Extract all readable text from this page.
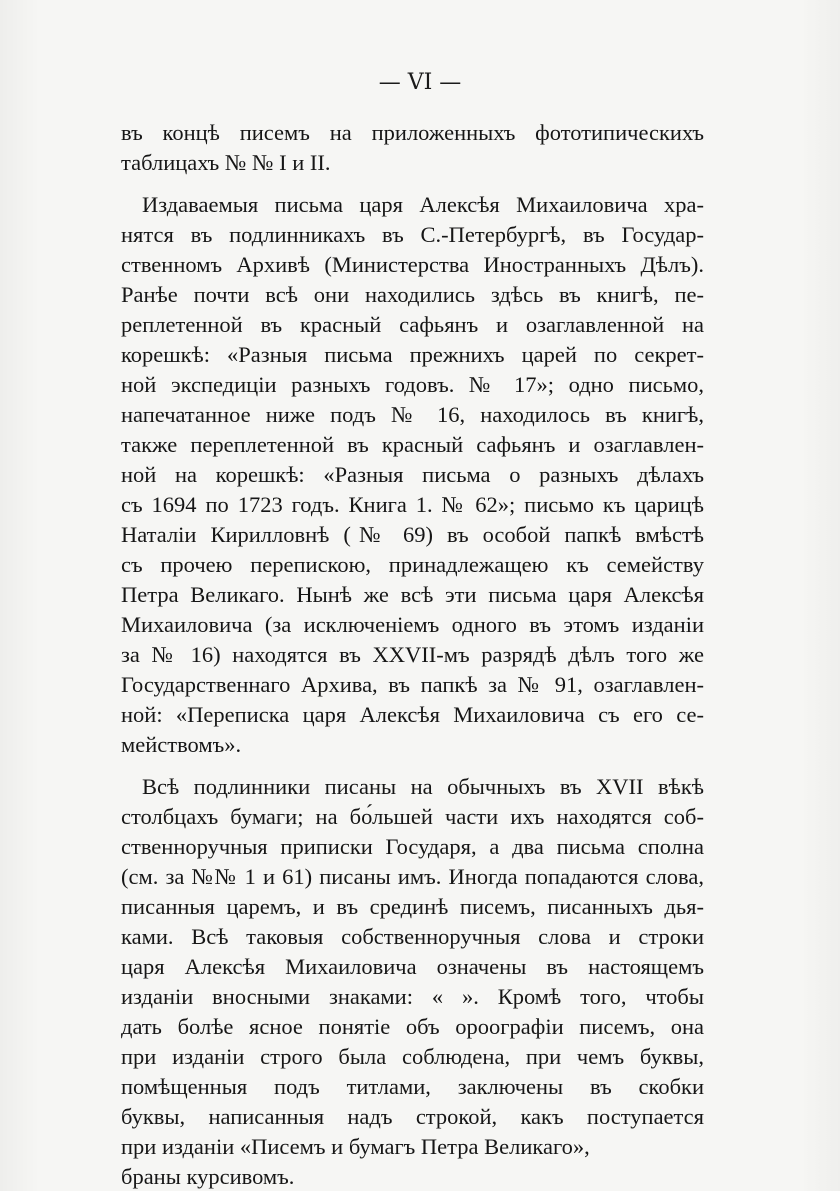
— VI —
въ концѣ писемъ на приложенныхъ фототипическихъ
таблицахъ № № I и II.
Издаваемыя письма царя Алексѣя Михаиловича хра-
нятся въ подлинникахъ въ С.-Петербургѣ, въ Государ-
ственномъ Архивѣ (Министерства Иностранныхъ Дѣлъ).
Ранѣе почти всѣ они находились здѣсь въ книгѣ, пе-
реплетенной въ красный сафьянъ и озаглавленной на
корешкѣ: «Разныя письма прежнихъ царей по секрет-
ной экспедиціи разныхъ годовъ. № 17»; одно письмо,
напечатанное ниже подъ № 16, находилось въ книгѣ,
также переплетенной въ красный сафьянъ и озаглавлен-
ной на корешкѣ: «Разныя письма о разныхъ дѣлахъ
съ 1694 по 1723 годъ. Книга 1. № 62»; письмо къ царицѣ
Наталіи Кирилловнѣ (№ 69) въ особой папкѣ вмѣстѣ
съ прочею перепискою, принадлежащею къ семейству
Петра Великаго. Нынѣ же всѣ эти письма царя Алексѣя
Михаиловича (за исключеніемъ одного въ этомъ изданіи
за № 16) находятся въ XXVII-мъ разрядѣ дѣлъ того же
Государственнаго Архива, въ папкѣ за № 91, озаглавлен-
ной: «Переписка царя Алексѣя Михаиловича съ его се-
мействомъ».
Всѣ подлинники писаны на обычныхъ въ XVII вѣкѣ
столбцахъ бумаги; на бо́льшей части ихъ находятся соб-
ственноручныя приписки Государя, а два письма сполна
(см. за №№ 1 и 61) писаны имъ. Иногда попадаются слова,
писанныя царемъ, и въ срединѣ писемъ, писанныхъ дья-
ками. Всѣ таковыя собственноручныя слова и строки
царя Алексѣя Михаиловича означены въ настоящемъ
изданіи вносными знаками: « ». Кромѣ того, чтобы
дать болѣе ясное понятіе объ ороографіи писемъ, она
при изданіи строго была соблюдена, при чемъ буквы,
помѣщенныя подъ титлами, заключены въ скобки
буквы, написанныя надъ строкой, какъ поступается
при изданіи «Писемъ и бумагъ Петра Великаго»,
браны курсивомъ.
